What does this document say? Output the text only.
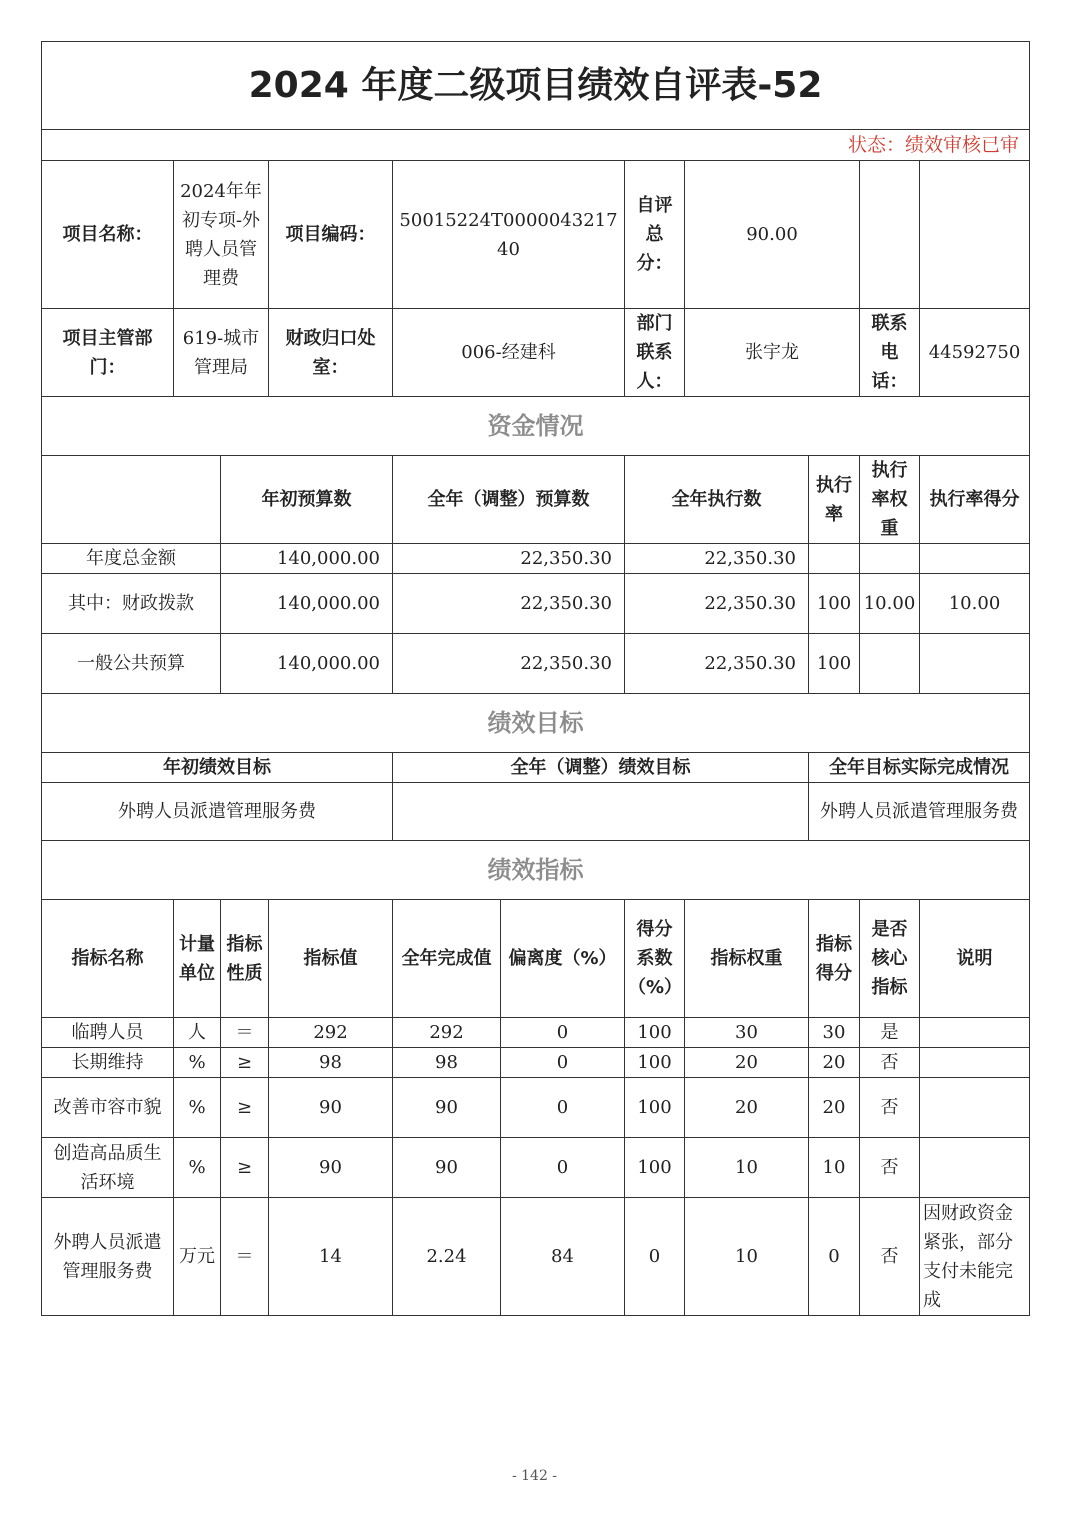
2024 年度二级项目绩效自评表-52										
状态：绩效审核已审										
项目名称：	2024年年初专项-外聘人员管理费		项目编码：	50015224T000004321740		自评总分：	90.00			
项目主管部门：	619-城市管理局		财政归口处室：	006-经建科		部门联系人：	张宇龙		联系电话：	44592750
资金情况										
		年初预算数		全年（调整）预算数		全年执行数		执行率	执行率权重	执行率得分
年度总金额		140,000.00		22,350.30		22,350.30				
其中：财政拨款		140,000.00		22,350.30		22,350.30		100	10.00	10.00
一般公共预算		140,000.00		22,350.30		22,350.30		100		
绩效目标										
年初绩效目标				全年（调整）绩效目标				全年目标实际完成情况		
外聘人员派遣管理服务费								外聘人员派遣管理服务费		
绩效指标										
指标名称	计量单位	指标性质	指标值	全年完成值	偏离度（%）	得分系数（%）	指标权重	指标得分	是否核心指标	说明
临聘人员	人	＝	292	292	0	100	30	30	是	
长期维持	%	≥	98	98	0	100	20	20	否	
改善市容市貌	%	≥	90	90	0	100	20	20	否	
创造高品质生活环境	%	≥	90	90	0	100	10	10	否	
外聘人员派遣管理服务费	万元	＝	14	2.24	84	0	10	0	否	因财政资金紧张，部分支付未能完成
- 142 -
